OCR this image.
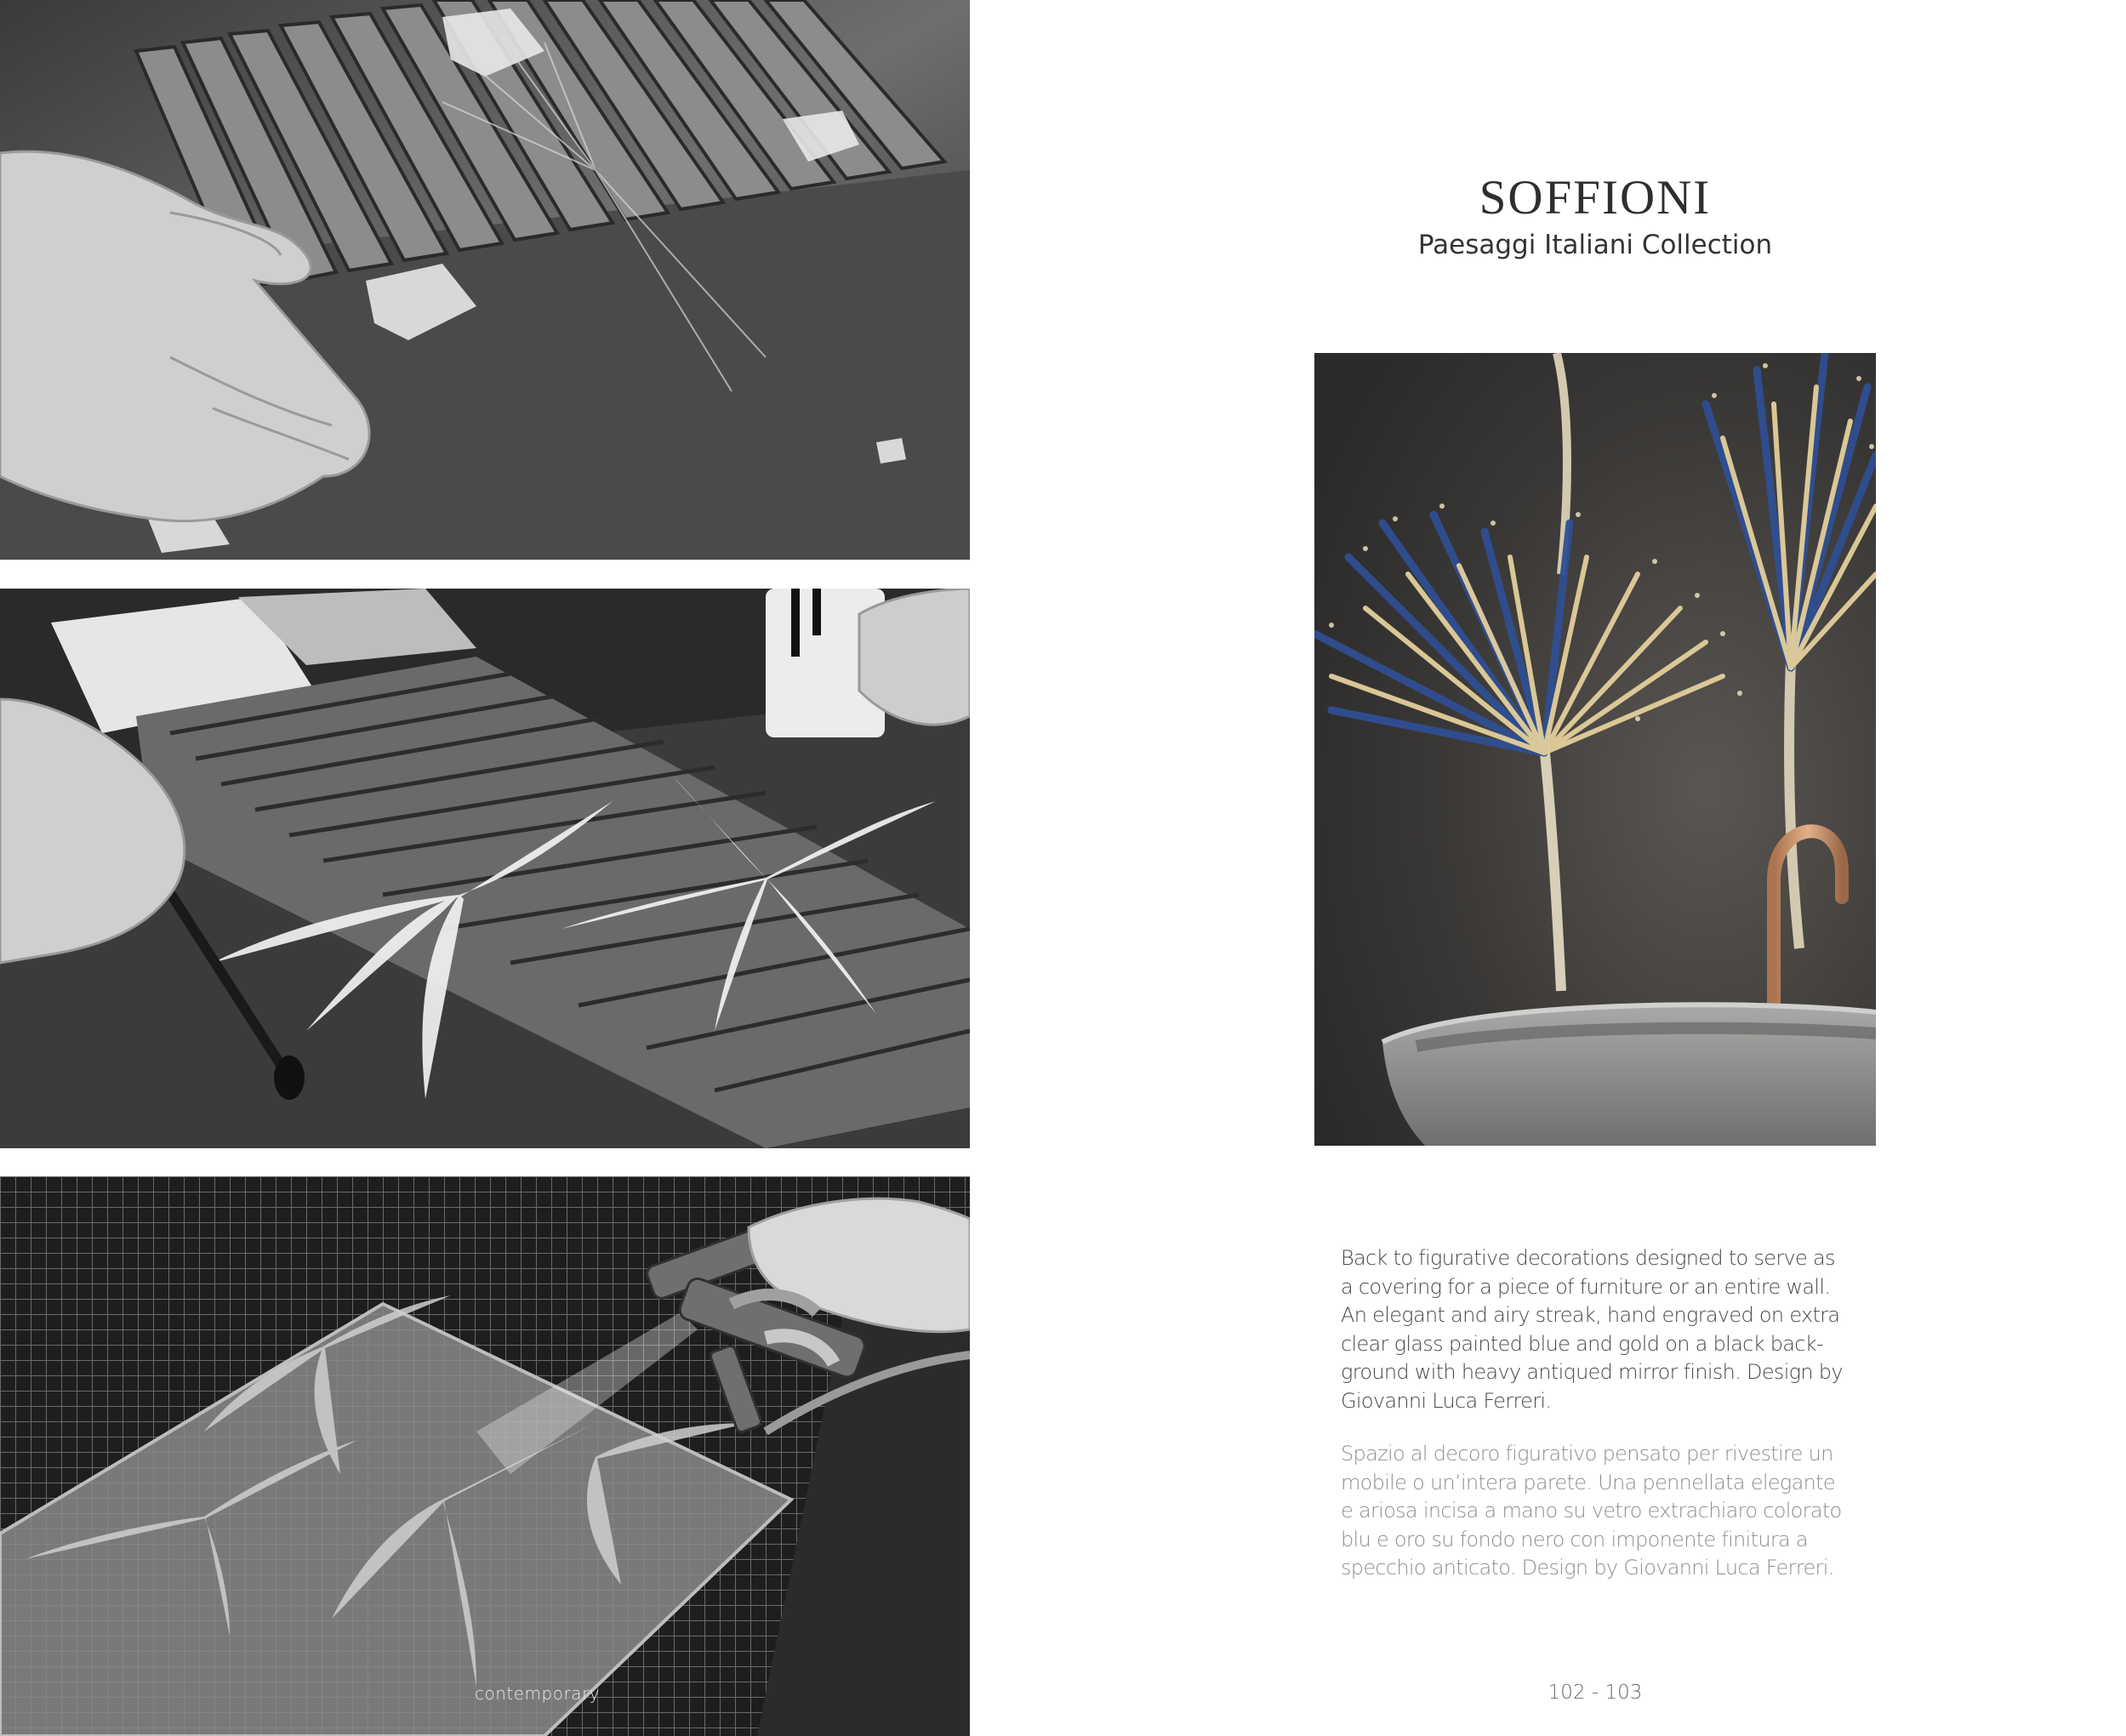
contemporary
SOFFIONI

Paesaggi Italiani Collection

Back to figurative decorations designed to serve as a covering for a piece of furniture or an entire wall. An elegant and airy streak, hand engraved on extra clear glass painted blue and gold on a black back-ground with heavy antiqued mirror finish. Design by Giovanni Luca Ferreri.

Spazio al decoro figurativo pensato per rivestire un mobile o un’intera parete. Una pennellata elegante e ariosa incisa a mano su vetro extrachiaro colorato blu e oro su fondo nero con imponente finitura a specchio anticato. Design by Giovanni Luca Ferreri.

102 - 103
